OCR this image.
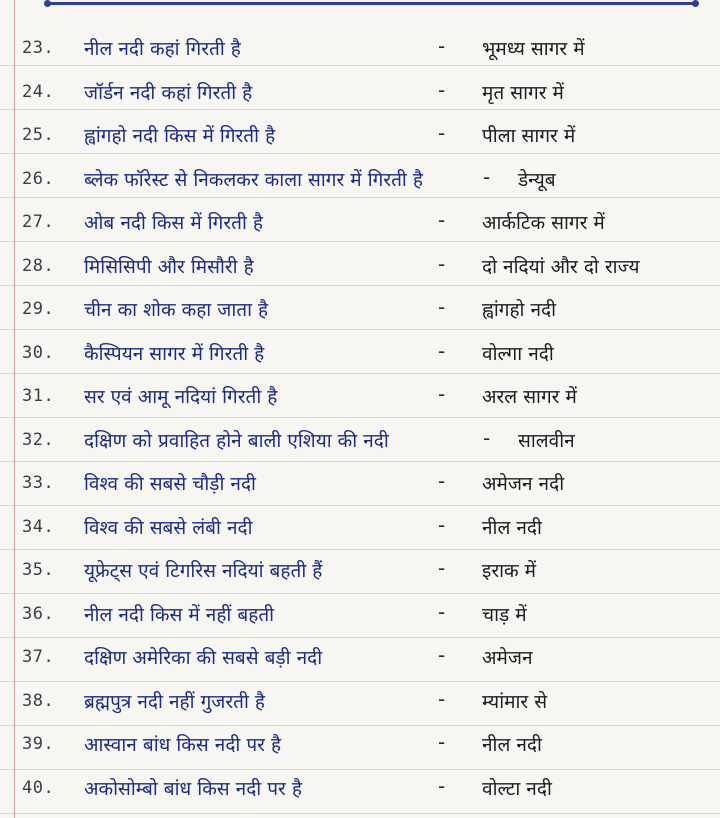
23. नील नदी कहां गिरती है	- भूमध्य सागर में
24. जॉर्डन नदी कहां गिरती है	- मृत सागर में
25. ह्वांगहो नदी किस में गिरती है	- पीला सागर में
26. ब्लेक फॉरेस्ट से निकलकर काला सागर में गिरती है	- डेन्यूब
27. ओब नदी किस में गिरती है	- आर्कटिक सागर में
28. मिसिसिपी और मिसौरी है	- दो नदियां और दो राज्य
29. चीन का शोक कहा जाता है	- ह्वांगहो नदी
30. कैस्पियन सागर में गिरती है	- वोल्गा नदी
31. सर एवं आमू नदियां गिरती है	- अरल सागर में
32. दक्षिण को प्रवाहित होने बाली एशिया की नदी	- सालवीन
33. विश्व की सबसे चौड़ी नदी	- अमेजन नदी
34. विश्व की सबसे लंबी नदी	- नील नदी
35. यूफ्रेट्स एवं टिगरिस नदियां बहती हैं	- इराक में
36. नील नदी किस में नहीं बहती	- चाड़ में
37. दक्षिण अमेरिका की सबसे बड़ी नदी	- अमेजन
38. ब्रह्मपुत्र नदी नहीं गुजरती है	- म्यांमार से
39. आस्वान बांध किस नदी पर है	- नील नदी
40. अकोसोम्बो बांध किस नदी पर है	- वोल्टा नदी
